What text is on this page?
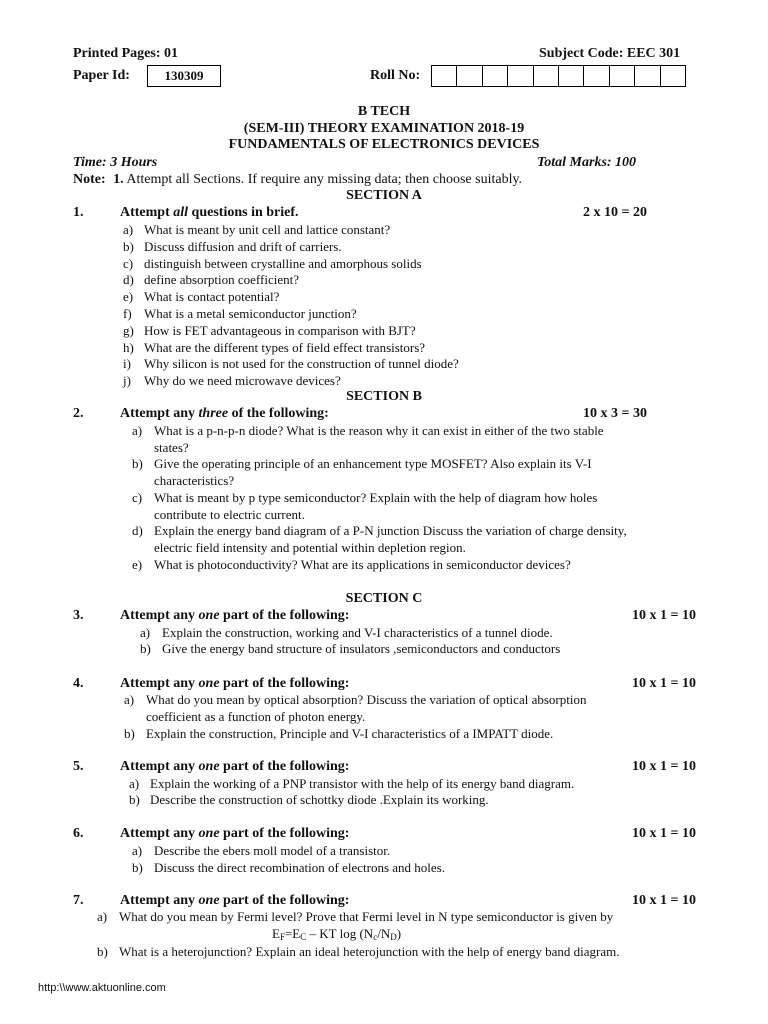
Printed Pages: 01	Subject Code: EEC 301
Paper Id:	130309	Roll No:
B TECH
(SEM-III) THEORY EXAMINATION 2018-19
FUNDAMENTALS OF ELECTRONICS DEVICES
Time: 3 Hours	Total Marks: 100
Note: 1. Attempt all Sections. If require any missing data; then choose suitably.
SECTION A
1.	Attempt all questions in brief.	2 x 10 = 20
SECTION B
2.	Attempt any three of the following:	10 x 3 = 30
SECTION C
$E_F=E_C$ – KT $\log (N_c/N_D)$
http:\\www.aktuonline.com
a) What is meant by unit cell and lattice constant?
b) Discuss diffusion and drift of carriers.
c) distinguish between crystalline and amorphous solids
d) define absorption coefficient?
e) What is contact potential?
f) What is a metal semiconductor junction?
g) How is FET advantageous in comparison with BJT?
h) What are the different types of field effect transistors?
i) Why silicon is not used for the construction of tunnel diode?
j) Why do we need microwave devices?
a) What is a p-n-p-n diode? What is the reason why it can exist in either of the two stable
states?
b) Give the operating principle of an enhancement type MOSFET? Also explain its V-I
characteristics?
c) What is meant by p type semiconductor? Explain with the help of diagram how holes
contribute to electric current.
d) Explain the energy band diagram of a P-N junction Discuss the variation of charge density,
electric field intensity and potential within depletion region.
e) What is photoconductivity? What are its applications in semiconductor devices?
3.	Attempt any one part of the following:	10 x 1 = 10
a) Explain the construction, working and V-I characteristics of a tunnel diode.
b) Give the energy band structure of insulators ,semiconductors and conductors
4.	Attempt any one part of the following:	10 x 1 = 10
a) What do you mean by optical absorption? Discuss the variation of optical absorption
coefficient as a function of photon energy.
b) Explain the construction, Principle and V-I characteristics of a IMPATT diode.
5.	Attempt any one part of the following:	10 x 1 = 10
a) Explain the working of a PNP transistor with the help of its energy band diagram.
b) Describe the construction of schottky diode .Explain its working.
6.	Attempt any one part of the following:	10 x 1 = 10
a) Describe the ebers moll model of a transistor.
b) Discuss the direct recombination of electrons and holes.
7.	Attempt any one part of the following:	10 x 1 = 10
a) What do you mean by Fermi level? Prove that Fermi level in N type semiconductor is given by
b) What is a heterojunction? Explain an ideal heterojunction with the help of energy band diagram.
